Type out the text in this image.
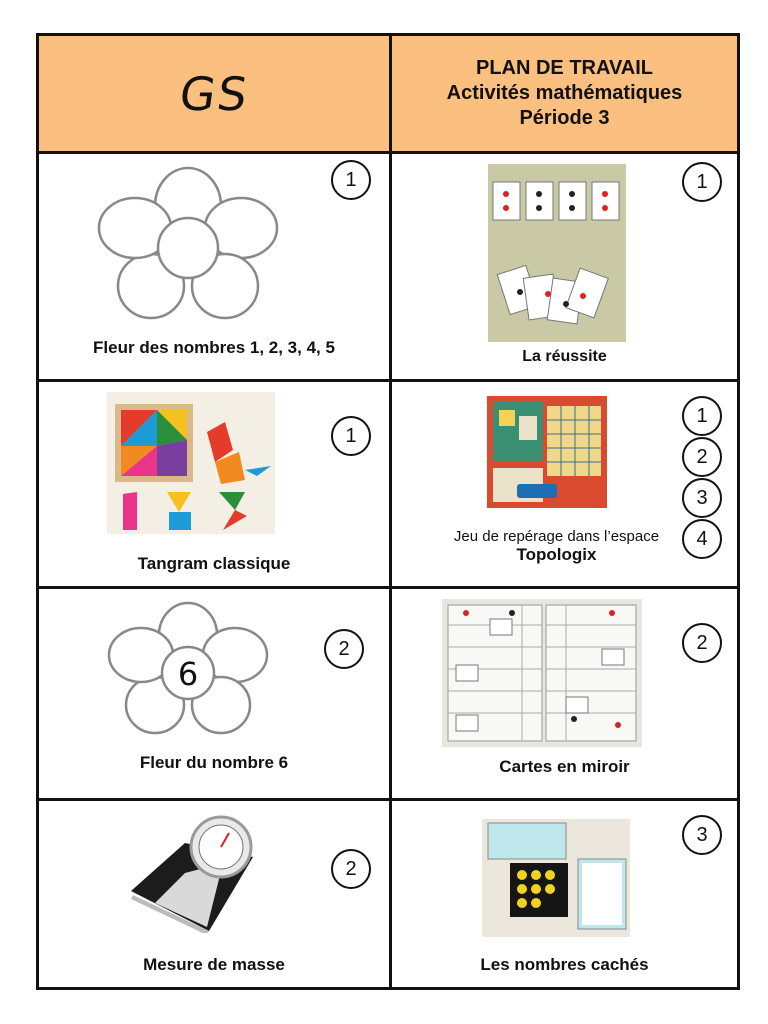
GS	PLAN DE TRAVAIL
Activités mathématiques
Période 3
1
Fleur des nombres 1, 2, 3, 4, 5
1
La réussite
1
Tangram classique
1
2
3
4
Jeu de repérage dans l’espace
Topologix
6
2
Fleur du nombre 6
2
Cartes en miroir
2
Mesure de masse
3
Les nombres cachés
